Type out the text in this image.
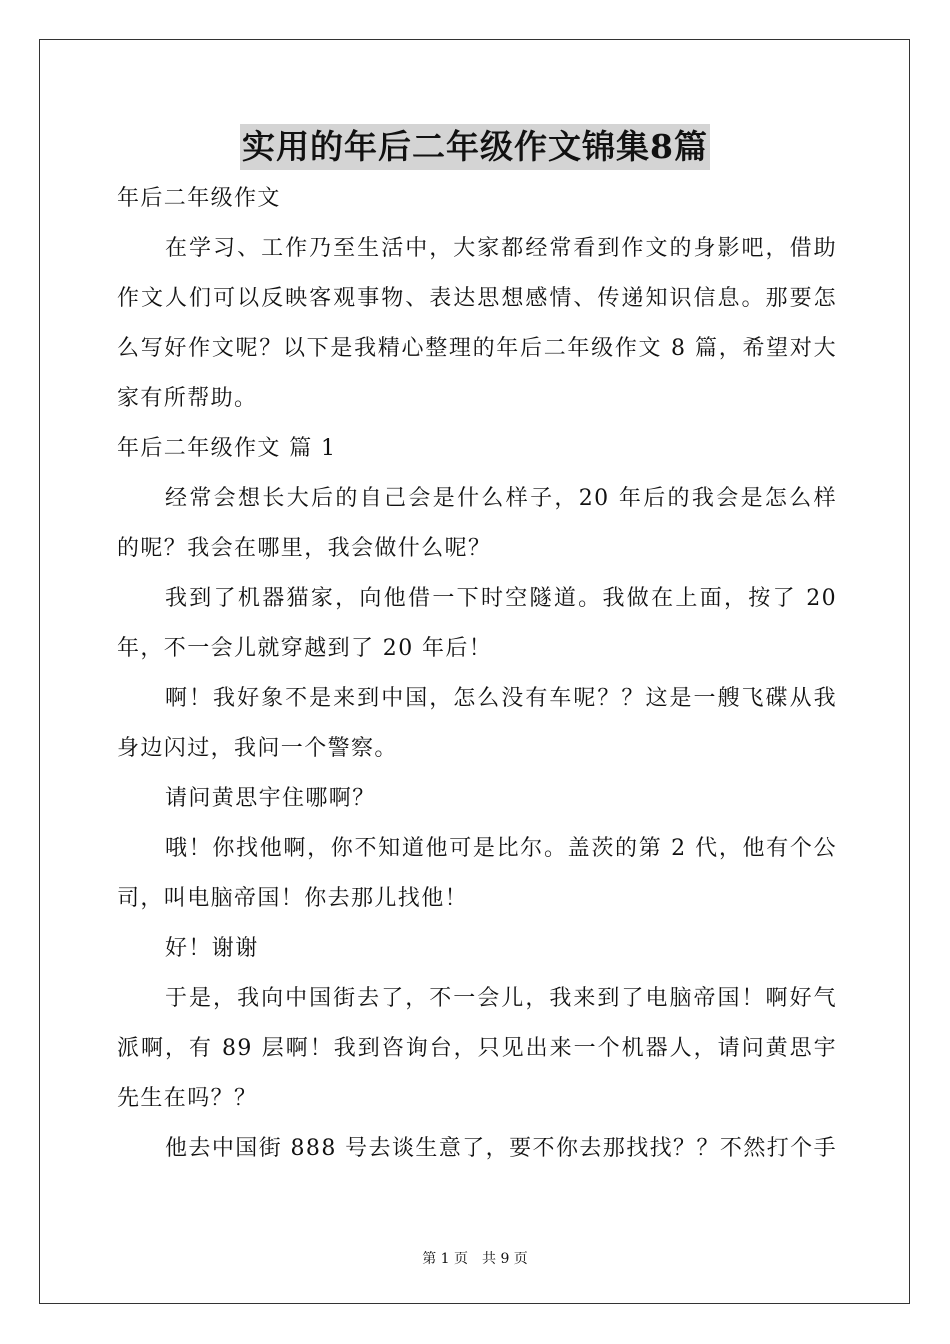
实用的年后二年级作文锦集8篇
年后二年级作文
在学习、工作乃至生活中，大家都经常看到作文的身影吧，借助
作文人们可以反映客观事物、表达思想感情、传递知识信息。那要怎
么写好作文呢？以下是我精心整理的年后二年级作文 8 篇，希望对大
家有所帮助。
年后二年级作文 篇 1
经常会想长大后的自己会是什么样子，20 年后的我会是怎么样
的呢？我会在哪里，我会做什么呢？
我到了机器猫家，向他借一下时空隧道。我做在上面，按了 20
年，不一会儿就穿越到了 20 年后！
啊！我好象不是来到中国，怎么没有车呢？？这是一艘飞碟从我
身边闪过，我问一个警察。
请问黄思宇住哪啊？
哦！你找他啊，你不知道他可是比尔。盖茨的第 2 代，他有个公
司，叫电脑帝国！你去那儿找他！
好！谢谢
于是，我向中国街去了，不一会儿，我来到了电脑帝国！啊好气
派啊，有 89 层啊！我到咨询台，只见出来一个机器人，请问黄思宇
先生在吗？？
他去中国街 888 号去谈生意了，要不你去那找找？？不然打个手
第 1 页 共 9 页
